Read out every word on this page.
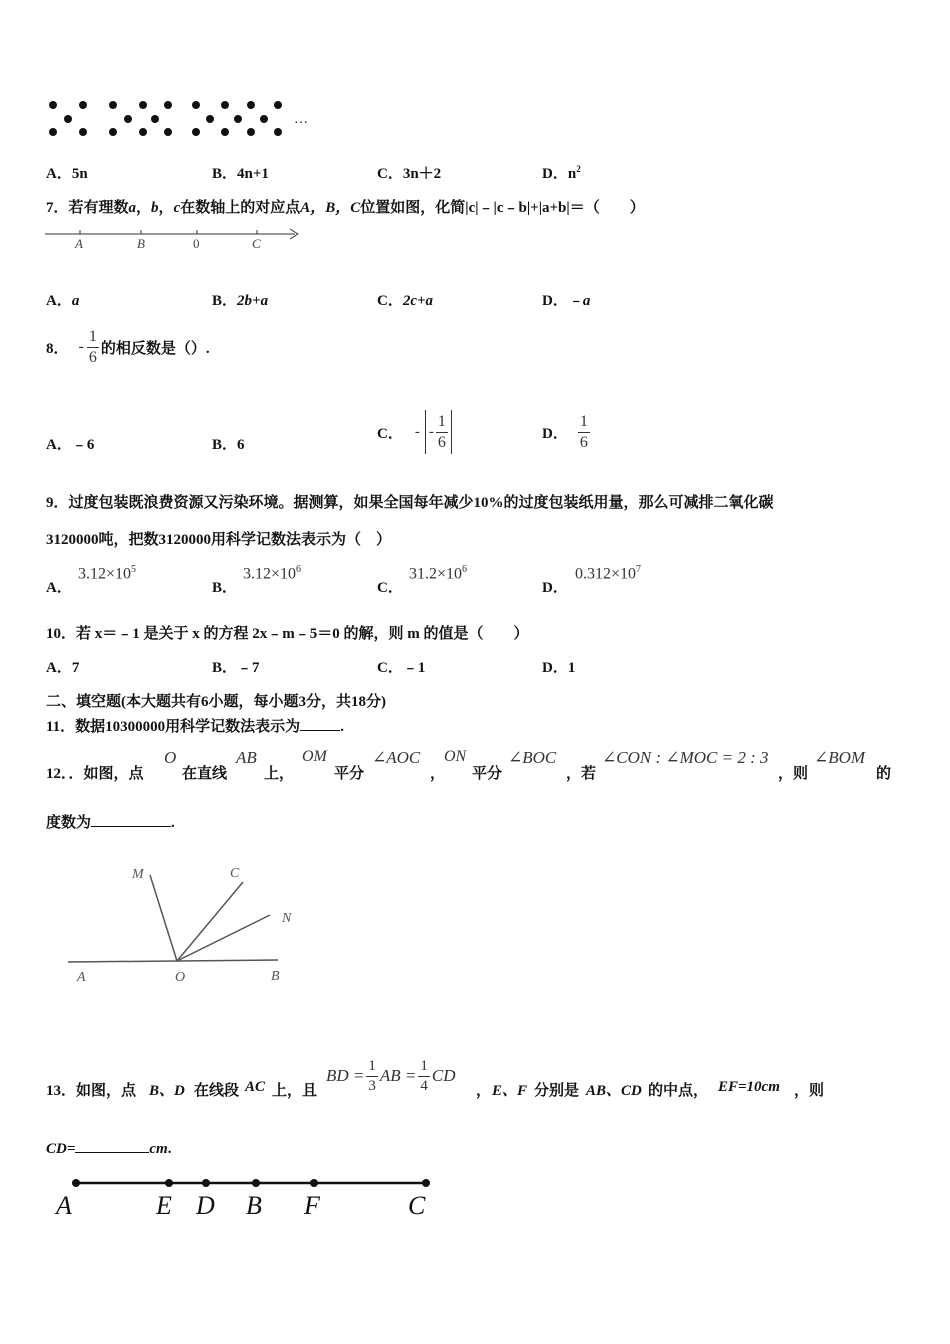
…
A．5n	B．4n+1	C．3n＋2	D．$n^2$
7．若有理数a，b，c在数轴上的对应点A，B，C位置如图，化简|c|﹣|c﹣b|+|a+b|＝（　　）
A	B	0	C
A．a	B．2b+a	C．2c+a	D．﹣a
8． - $\frac{1}{6}$ 的相反数是（）.
A．﹣6	B．6
C． - - $\frac{1}{6}$	D． $\frac{1}{6}$
9．过度包装既浪费资源又污染环境。据测算，如果全国每年减少10%的过度包装纸用量，那么可减排二氧化碳
3120000吨，把数3120000用科学记数法表示为（　）
A．
$3.12\times 10^5$
B．
$3.12\times 10^6$
C．
$31.2\times 10^6$
D．
$0.312\times 10^7$
10．若 x＝﹣1 是关于 x 的方程 2x﹣m﹣5＝0 的解，则 m 的值是（　　）
A．7	B．﹣7	C．﹣1	D．1
二、填空题(本大题共有6小题，每小题3分，共18分)
11．数据10300000用科学记数法表示为	.
12．．如图，点
O
在直线
AB
上，
OM
平分
∠AOC
，
ON
平分
∠BOC
，若
∠CON : ∠MOC = 2 : 3
，则
∠BOM
的
度数为	.
M	C
N
A	O	B
13．如图，点 B、D 在线段 AC 上，且
BD = $\frac{1}{3}$ AB = $\frac{1}{4}$ CD
， E、F 分别是 AB、CD 的中点， EF=10cm ，则
CD=	cm.
A	E D B F	C
